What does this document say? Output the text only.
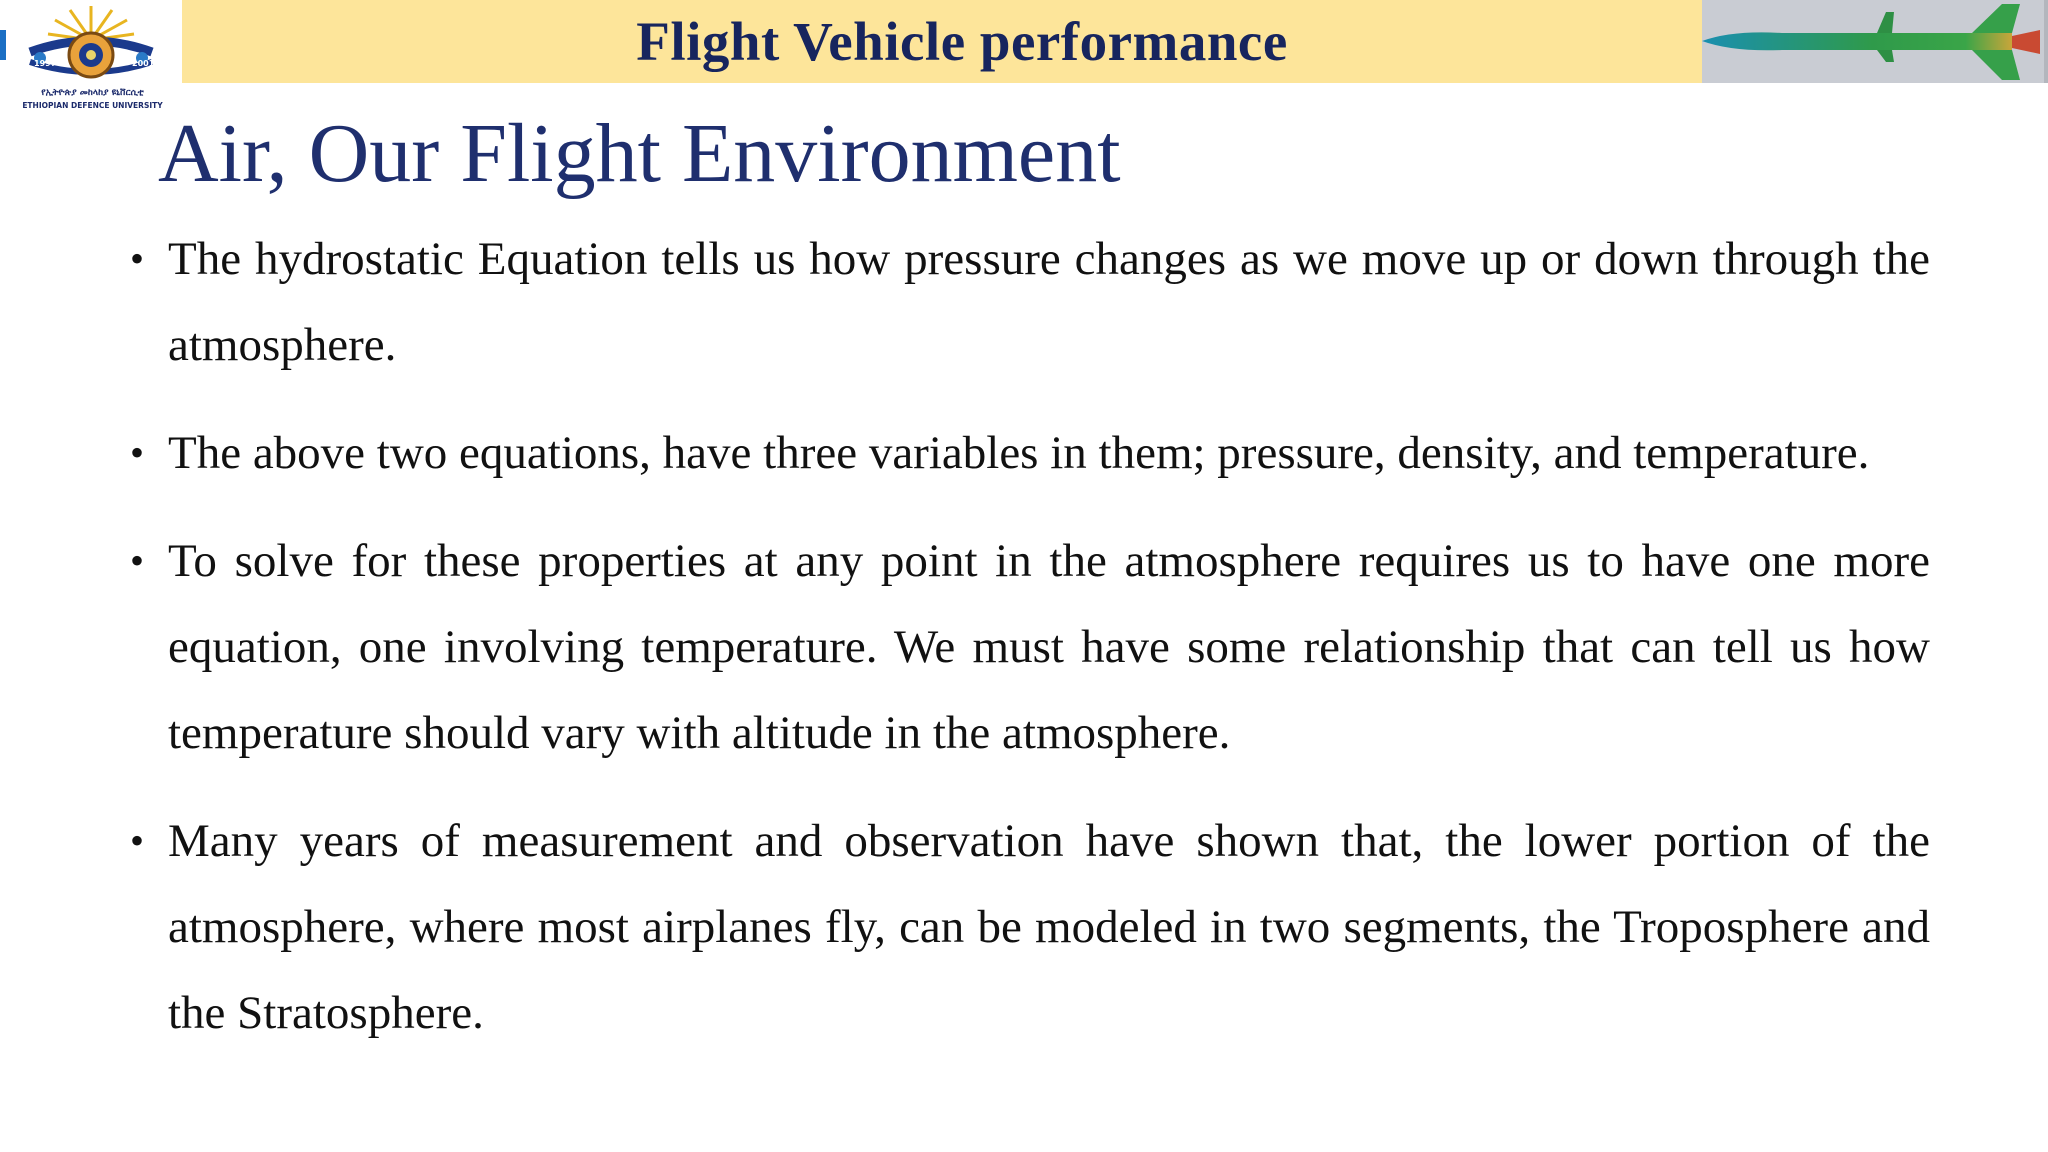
1997	2001
የኢትዮጵያ መከላከያ ዩኒቨርሲቲ
ETHIOPIAN DEFENCE UNIVERSITY
Flight Vehicle performance
Air, Our Flight Environment
• The hydrostatic Equation tells us how pressure changes as we move up or down through the atmosphere.
• The above two equations, have three variables in them; pressure, density, and temperature.
• To solve for these properties at any point in the atmosphere requires us to have one more equation, one involving temperature. We must have some relationship that can tell us how temperature should vary with altitude in the atmosphere.
• Many years of measurement and observation have shown that, the lower portion of the atmosphere, where most airplanes fly, can be modeled in two segments, the Troposphere and the Stratosphere.
